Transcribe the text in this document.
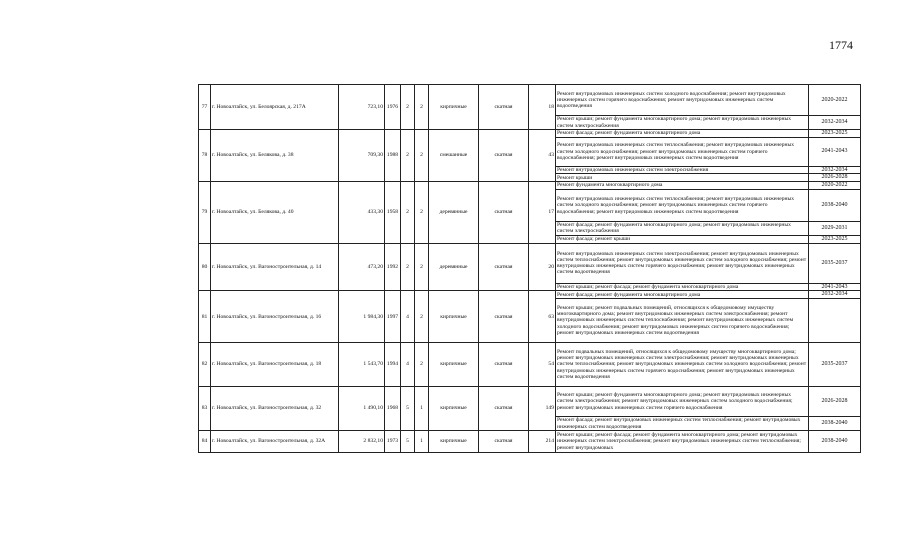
1774
77	г. Новоалтайск, ул. Белоярская, д. 217А	723,10	1976	2	2	кирпичные	скатная	18	Ремонт внутридомовых инженерных систем холодного водоснабжения; ремонт внутридомовых инженерных систем горячего водоснабжения; ремонт внутридомовых инженерных систем водоотведения	2020-2022
									Ремонт крыши; ремонт фундамента многоквартирного дома; ремонт внутридомовых инженерных систем электроснабжения	2032-2034
78	г. Новоалтайск, ул. Белякова, д. 38	709,30	1988	2	2	смешанные	скатная	43	Ремонт фасада; ремонт фундамента многоквартирного дома	2023-2025
									Ремонт внутридомовых инженерных систем теплоснабжения; ремонт внутридомовых инженерных систем холодного водоснабжения; ремонт внутридомовых инженерных систем горячего водоснабжения; ремонт внутридомовых инженерных систем водоотведения	2041-2043
									Ремонт внутридомовых инженерных систем электроснабжения	2032-2034
									Ремонт крыши	2026-2028
79	г. Новоалтайск, ул. Белякова, д. 40	433,30	1958	2	2	деревянные	скатная	17	Ремонт фундамента многоквартирного дома	2020-2022
									Ремонт внутридомовых инженерных систем теплоснабжения; ремонт внутридомовых инженерных систем холодного водоснабжения; ремонт внутридомовых инженерных систем горячего водоснабжения; ремонт внутридомовых инженерных систем водоотведения	2038-2040
									Ремонт фасада; ремонт фундамента многоквартирного дома; ремонт внутридомовых инженерных систем электроснабжения	2029-2031
									Ремонт фасада; ремонт крыши	2023-2025
80	г. Новоалтайск, ул. Вагоностроительная, д. 14	473,20	1992	2	2	деревянные	скатная	20	Ремонт внутридомовых инженерных систем электроснабжения; ремонт внутридомовых инженерных систем теплоснабжения; ремонт внутридомовых инженерных систем холодного водоснабжения; ремонт внутридомовых инженерных систем горячего водоснабжения; ремонт внутридомовых инженерных систем водоотведения	2035-2037
									Ремонт крыши; ремонт фасада; ремонт фундамента многоквартирного дома	2041-2043
81	г. Новоалтайск, ул. Вагоностроительная, д. 16	1 984,30	1997	4	2	кирпичные	скатная	63	Ремонт фасада; ремонт фундамента многоквартирного дома	2032-2034
									Ремонт крыши; ремонт подвальных помещений, относящихся к общедомовому имуществу многоквартирного дома; ремонт внутридомовых инженерных систем электроснабжения; ремонт внутридомовых инженерных систем теплоснабжения; ремонт внутридомовых инженерных систем холодного водоснабжения; ремонт внутридомовых инженерных систем горячего водоснабжения; ремонт внутридомовых инженерных систем водоотведения	
82	г. Новоалтайск, ул. Вагоностроительная, д. 18	1 543,70	1994	4	2	кирпичные	скатная	54	Ремонт подвальных помещений, относящихся к общедомовому имуществу многоквартирного дома; ремонт внутридомовых инженерных систем электроснабжения; ремонт внутридомовых инженерных систем теплоснабжения; ремонт внутридомовых инженерных систем холодного водоснабжения; ремонт внутридомовых инженерных систем горячего водоснабжения; ремонт внутридомовых инженерных систем водоотведения	2035-2037
83	г. Новоалтайск, ул. Вагоностроительная, д. 32	1 490,10	1968	5	1	кирпичные	скатная	149	Ремонт крыши; ремонт фундамента многоквартирного дома; ремонт внутридомовых инженерных систем электроснабжения; ремонт внутридомовых инженерных систем холодного водоснабжения; ремонт внутридомовых инженерных систем горячего водоснабжения	2026-2028
									Ремонт фасада; ремонт внутридомовых инженерных систем теплоснабжения; ремонт внутридомовых инженерных систем водоотведения	2038-2040
84	г. Новоалтайск, ул. Вагоностроительная, д. 32А	2 832,10	1973	5	1	кирпичные	скатная	214	Ремонт крыши; ремонт фасада; ремонт фундамента многоквартирного дома; ремонт внутридомовых инженерных систем электроснабжения; ремонт внутридомовых инженерных систем теплоснабжения; ремонт внутридомовых	2038-2040
